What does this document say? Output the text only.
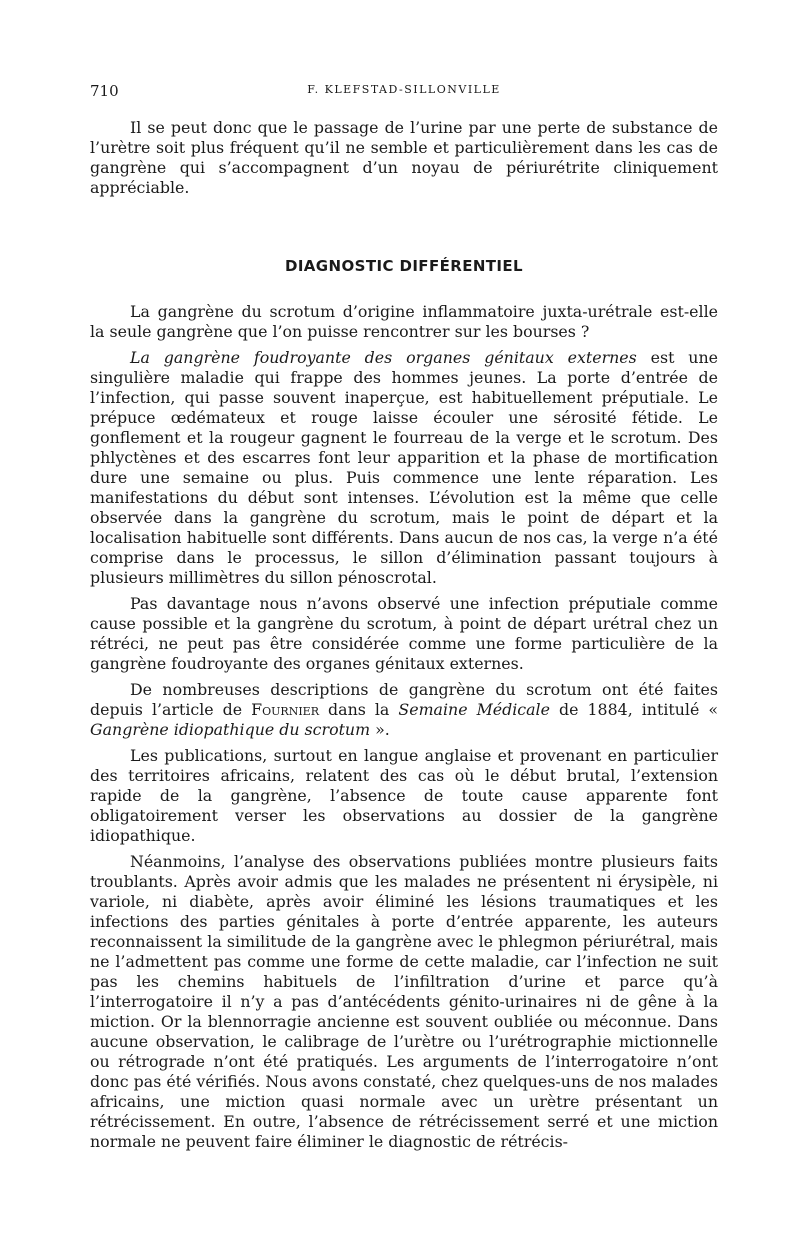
710	F. KLEFSTAD-SILLONVILLE

Il se peut donc que le passage de l’urine par une perte de substance de l’urètre soit plus fréquent qu’il ne semble et particulièrement dans les cas de gangrène qui s’accompagnent d’un noyau de périurétrite cliniquement appréciable.

DIAGNOSTIC DIFFÉRENTIEL

La gangrène du scrotum d’origine inflammatoire juxta-urétrale est-elle la seule gangrène que l’on puisse rencontrer sur les bourses ?

La gangrène foudroyante des organes génitaux externes est une singulière maladie qui frappe des hommes jeunes. La porte d’entrée de l’infection, qui passe souvent inaperçue, est habituellement préputiale. Le prépuce œdémateux et rouge laisse écouler une sérosité fétide. Le gonflement et la rougeur gagnent le fourreau de la verge et le scrotum. Des phlyctènes et des escarres font leur apparition et la phase de mortification dure une semaine ou plus. Puis commence une lente réparation. Les manifestations du début sont intenses. L’évolution est la même que celle observée dans la gangrène du scrotum, mais le point de départ et la localisation habituelle sont différents. Dans aucun de nos cas, la verge n’a été comprise dans le processus, le sillon d’élimination passant toujours à plusieurs millimètres du sillon pénoscrotal.

Pas davantage nous n’avons observé une infection préputiale comme cause possible et la gangrène du scrotum, à point de départ urétral chez un rétréci, ne peut pas être considérée comme une forme particulière de la gangrène foudroyante des organes génitaux externes.

De nombreuses descriptions de gangrène du scrotum ont été faites depuis l’article de Fournier dans la Semaine Médicale de 1884, intitulé « Gangrène idiopathique du scrotum ».

Les publications, surtout en langue anglaise et provenant en particulier des territoires africains, relatent des cas où le début brutal, l’extension rapide de la gangrène, l’absence de toute cause apparente font obligatoirement verser les observations au dossier de la gangrène idiopathique.

Néanmoins, l’analyse des observations publiées montre plusieurs faits troublants. Après avoir admis que les malades ne présentent ni érysipèle, ni variole, ni diabète, après avoir éliminé les lésions traumatiques et les infections des parties génitales à porte d’entrée apparente, les auteurs reconnaissent la similitude de la gangrène avec le phlegmon périurétral, mais ne l’admettent pas comme une forme de cette maladie, car l’infection ne suit pas les chemins habituels de l’infiltration d’urine et parce qu’à l’interrogatoire il n’y a pas d’antécédents génito-urinaires ni de gêne à la miction. Or la blennorragie ancienne est souvent oubliée ou méconnue. Dans aucune observation, le calibrage de l’urètre ou l’urétrographie mictionnelle ou rétrograde n’ont été pratiqués. Les arguments de l’interrogatoire n’ont donc pas été vérifiés. Nous avons constaté, chez quelques-uns de nos malades africains, une miction quasi normale avec un urètre présentant un rétrécissement. En outre, l’absence de rétrécissement serré et une miction normale ne peuvent faire éliminer le diagnostic de rétrécis-
